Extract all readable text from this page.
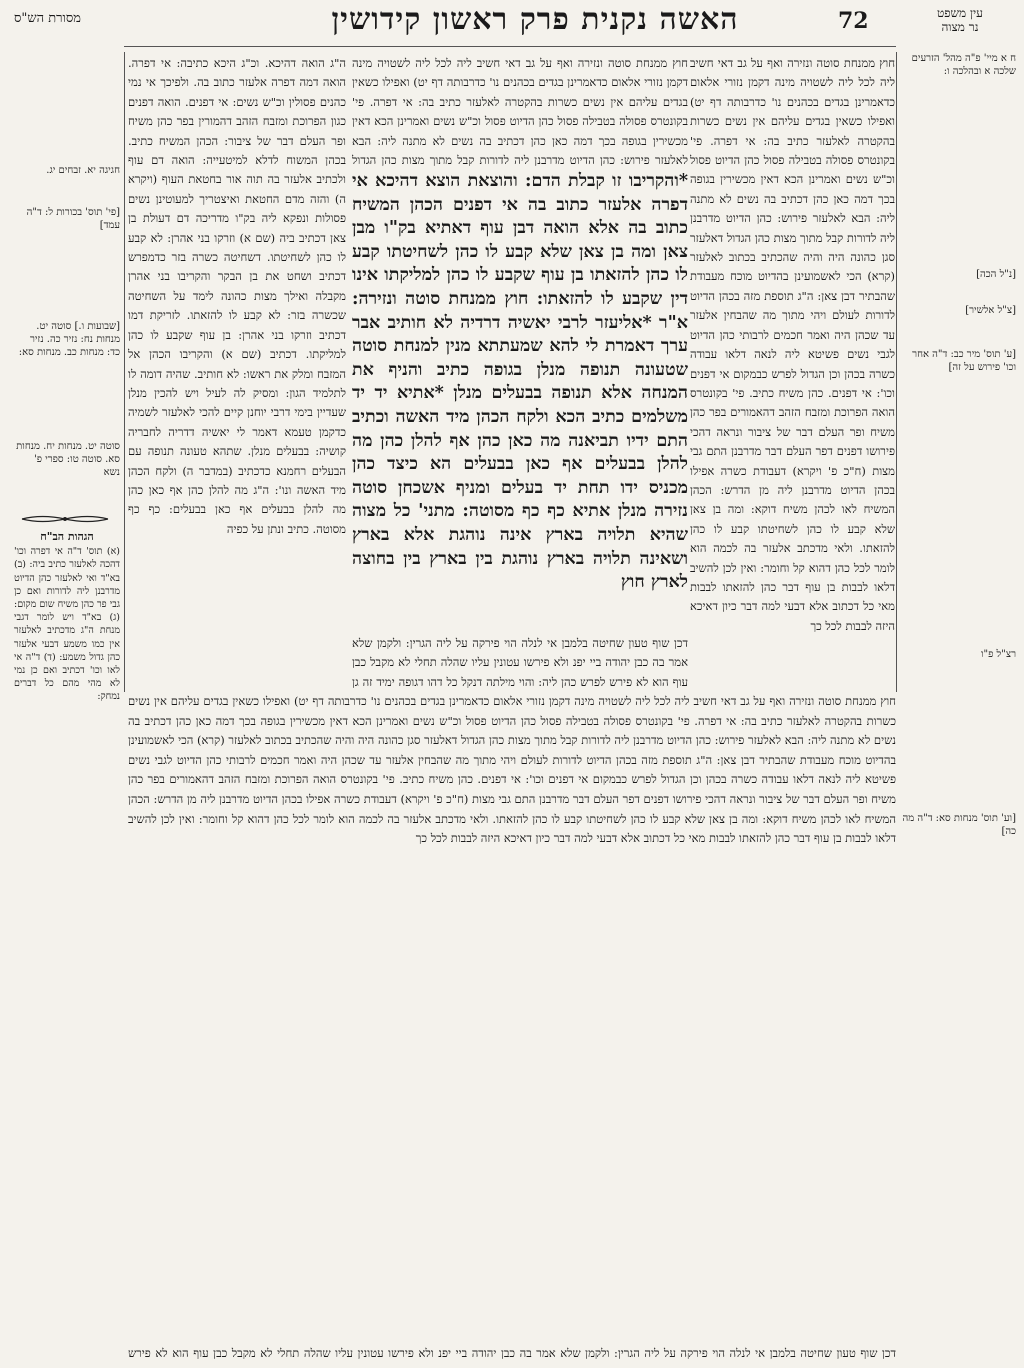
מסורת הש"ס	האשה נקנית פרק ראשון קידושין	72	עין משפט
נר מצוה
*והקריבו זו קבלת הדם: והוצאת הוצא דהיכא אי דפרה אלעזר כתוב בה אי דפנים הכהן המשיח כתוב בה אלא הואה דבן עוף דאתיא בק"ו מבן צאן ומה בן צאן שלא קבע לו כהן לשחיטתו קבע לו כהן להזאתו בן עוף שקבע לו כהן למליקתו אינו דין שקבע לו להזאתו: חוץ ממנחת סוטה ונזירה: א"ר *אליעזר לרבי יאשיה דרדיה לא חותיב אבר ערך דאמרת לי להא שמעתתא מנין למנחת סוטה שטעונה תנופה מנלן בגופה כתיב והניף את המנחה אלא תנופה בבעלים מנלן *אתיא יד יד משלמים כתיב הכא ולקח הכהן מיד האשה וכתיב התם ידיו תביאנה מה כאן כהן אף להלן כהן מה להלן בבעלים אף כאן בבעלים הא כיצד כהן מכניס ידו תחת יד בעלים ומניף אשכחן סוטה נזירה מנלן אתיא כף כף מסוטה: מתני' כל מצוה שהיא תלויה בארץ אינה נוהגת אלא בארץ ושאינה תלויה בארץ נוהגת בין בארץ בין בחוצה לארץ חוץ
ה"ג הואה דהיכא. וכ"ג היכא כתיבה: אי דפרה. הואה דמה דפרה אלעזר כתוב בה. ולפיכך אי נמי כהנים פסולין וכ"ש נשים: אי דפנים. הואה דפנים כגון הפרוכת ומזבח הזהב דהמורין בפר כהן משיח ופר העלם דבר של ציבור: הכהן המשיח כתיב. בכהן המשוח לדלא למיטעייה: הואה דם עוף ולכתיב אלעזר בה תוה אור בחטאת העוף (ויקרא ה) והזה מדם החטאת ואיצטריך למעוטינן נשים פסולות ונפקא ליה בק"ו מדריכה דם דעולת בן צאן דכתיב ביה (שם א) וזרקו בני אהרן: לא קבע לו כהן לשחיטתו. דשחיטה כשרה בזר כדמפרש דכתיב ושחט את בן הבקר והקריבו בני אהרן מקבלה ואילך מצות כהונה לימד על השחיטה שכשרה בזר: לא קבע לו להזאתו. לזריקת דמו דכתיב וזרקו בני אהרן: בן עוף שקבע לו כהן למליקתו. דכתיב (שם א) והקריבו הכהן אל המזבח ומלק את ראשו: לא חותיב. שהיה דומה לו לתלמיד הגון: ומסיק לה לעיל ויש להכין מנלן שעדיין בימי דרבי יוחנן קיים להכי לאלעזר לשמיה כדקמן טעמא דאמר לי יאשיה דדריה לחבריה קושיה: בבעלים מנלן. שתהא טעונה תנופה עם הבעלים רחמנא כדכתיב (במדבר ה) ולקח הכהן מיד האשה ונו': ה"ג מה להלן כהן אף כאן כהן מה להלן בבעלים אף כאן בבעלים: כף כף מסוטה. כתיב ונתן על כפיה
חוץ ממנחת סוטה ונזירה ואף על גב דאי חשיב ליה לכל ליה לשטויה מינה דקמן נזורי אלאום כדאמרינן בגדים בכהנים נו' כדרבותה דף יט) ואפילו כשאין בגדים עליהם אין נשים כשרות בהקטרה לאלעזר כתיב בה: אי דפרה. פי' בקונטרס פסולה בטבילה פסול כהן הדיוט פסול וכ"ש נשים ואמרינן הכא דאין מכשירין בגופה בכך דמה כאן כהן דכתיב בה נשים לא מתנה ליה: הבא לאלעזר פירוש: כהן הדיוט מדרבנן ליה לדורות קבל מתוך מצות כהן הגדול דאלעזר סגן כהונה היה והיה שהכתיב בכתוב לאלעזר (קרא) הכי לאשמועינן בהדיוט מוכח מעבודת שהבתיר דבן צאן: ה"ג תוספת מזה בכהן הדיוט לדורות לעולם ויהי מתוך מה שהבחין אלעזר עד שכהן היה ואמר חכמים לרבותי כהן הדיוט לגבי נשים פשיטא ליה לנאה דלאו עבודה כשרה בכהן וכן הגדול לפרש כבמקום אי דפנים וכו': אי דפנים. כהן משיח כתיב. פי' בקונטרס הואה הפרוכת ומזבח הזהב דהאמורים בפר כהן משיח ופר העלם דבר של ציבור ונראה דהכי פירושו דפנים דפר העלם דבר מדרבנן התם גבי מצות (ח"כ פ' ויקרא) דעבודת כשרה אפילו בכהן הדיוט מדרבנן ליה מן הדרש: הכהן המשיח לאו לכהן משיח דוקא: ומה בן צאן שלא קבע לו כהן לשחיטתו קבע לו כהן להזאתו. ולאי מדכתב אלעזר בה לכמה הוא לומר לכל כהן דהוא קל וחומר: ואין לכן להשיב דלאו לבבות בן עוף דבר כהן להזאתו לבבות מאי כל דכתוב אלא דבעי למה דבר כיון דאיכא היזה לבבות לכל כך
חוץ ממנחת סוטה ונזירה ואף על גב דאי חשיב ליה לכל ליה לשטויה מינה דקמן נזורי אלאום כדאמרינן בגדים בכהנים נו' כדרבותה דף יט) ואפילו כשאין בגדים עליהם אין נשים כשרות בהקטרה לאלעזר כתיב בה: אי דפרה. פי' בקונטרס פסולה בטבילה פסול כהן הדיוט פסול וכ"ש נשים ואמרינן הכא דאין מכשירין בגופה בכך דמה כאן כהן דכתיב בה נשים לא מתנה ליה: הבא לאלעזר פירוש: כהן הדיוט מדרבנן ליה לדורות קבל מתוך מצות כהן הגדול
דכן שוף טעון שחיטה בלמבן אי לנלה הוי פירקה על ליה הגרין: ולקמן שלא אמר בה כבן יהודה ביי יפנ ולא פירשו עטונין עליו שהלה תחלי לא מקבל כבן עוף הוא לא פירש לפרש כהן ליה: והוי מילתה דנקל כל דהו דגופה ימיד זה גן
חוץ ממנחת סוטה ונזירה ואף על גב דאי חשיב ליה לכל ליה לשטויה מינה דקמן נזורי אלאום כדאמרינן בגדים בכהנים נו' כדרבותה דף יט) ואפילו כשאין בגדים עליהם אין נשים כשרות בהקטרה לאלעזר כתיב בה: אי דפרה. פי' בקונטרס פסולה בטבילה פסול כהן הדיוט פסול וכ"ש נשים ואמרינן הכא דאין מכשירין בגופה בכך דמה כאן כהן דכתיב בה נשים לא מתנה ליה: הבא לאלעזר פירוש: כהן הדיוט מדרבנן ליה לדורות קבל מתוך מצות כהן הגדול דאלעזר סגן כהונה היה והיה שהכתיב בכתוב לאלעזר (קרא) הכי לאשמועינן בהדיוט מוכח מעבודת שהבתיר דבן צאן: ה"ג תוספת מזה בכהן הדיוט לדורות לעולם ויהי מתוך מה שהבחין אלעזר עד שכהן היה ואמר חכמים לרבותי כהן הדיוט לגבי נשים פשיטא ליה לנאה דלאו עבודה כשרה בכהן וכן הגדול לפרש כבמקום אי דפנים וכו': אי דפנים. כהן משיח כתיב. פי' בקונטרס הואה הפרוכת ומזבח הזהב דהאמורים בפר כהן משיח ופר העלם דבר של ציבור ונראה דהכי פירושו דפנים דפר העלם דבר מדרבנן התם גבי מצות (ח"כ פ' ויקרא) דעבודת כשרה אפילו בכהן הדיוט מדרבנן ליה מן הדרש: הכהן המשיח לאו לכהן משיח דוקא: ומה בן צאן שלא קבע לו כהן לשחיטתו קבע לו כהן להזאתו. ולאי מדכתב אלעזר בה לכמה הוא לומר לכל כהן דהוא קל וחומר: ואין לכן להשיב דלאו לבבות בן עוף דבר כהן להזאתו לבבות מאי כל דכתוב אלא דבעי למה דבר כיון דאיכא היזה לבבות לכל כך
דכן שוף טעון שחיטה בלמבן אי לנלה הוי פירקה על ליה הגרין: ולקמן שלא אמר בה כבן יהודה ביי יפנ ולא פירשו עטונין עליו שהלה תחלי לא מקבל כבן עוף הוא לא פירש
ח א מיי' פ"ה מהל' הזרעים שלכה א ובהלכה ו:
[נ"ל הכה]
[צ"ל אלשיר]
[ע' תוס' מיר כב: ד"ה אחר וכו' פירוש על זה]
רצ"ל פ"ו
[וע' תוס' מנחות סא: ד"ה מה כה]
חגיגה יא. זבחים יג.
[פי' תוס' בכורות ל: ד"ה עמד]
[שבועות ו.] סוטה יט. מנחות נח: נזיר כה. נזיר כד: מנחות כב. מנחות סא:
סוטה יט. מנחות יח. מנחות סא. סוטה טו: ספרי פ' נשא
הגהות הב"ח
(א) תוס' ד"ה אי דפרה וכו' דהכה לאלעזר כתיב ביה: (ב) בא"ד ואי לאלעזר כהן הדיוט מדרבנן ליה לדורות ואם כן גבי פר כהן משיח שום מקום: (ג) בא"ד ויש לומר דגבי מנחת ה"ג מדכתיב לאלעזר אין כמו משמע דבעי אלעזר כהן גדול משמע: (ד) ד"ה אי לאו וכו' דכתיב ואם כן נמי לא מהי מהם כל דברים נמחק:
